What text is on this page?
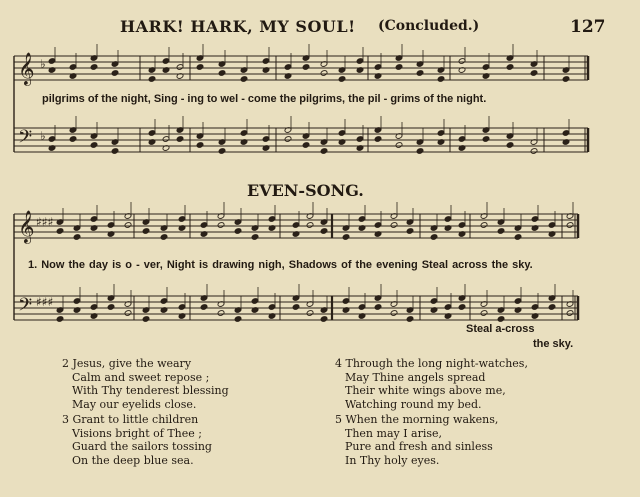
HARK! HARK, MY SOUL! (Concluded.)	127
𝄞
𝄢
♭
♭
𝄞
𝄢
♯♯♯
♯♯♯
pilgrims of the night, Sing - ing to wel - come the pilgrims, the pil - grims of the night.
EVEN-SONG.
1. Now the day is o - ver, Night is drawing nigh, Shadows of the evening Steal across the sky.
Steal a-cross
the sky.
2 Jesus, give the weary
Calm and sweet repose ;
With Thy tenderest blessing
May our eyelids close.
3 Grant to little children
Visions bright of Thee ;
Guard the sailors tossing
On the deep blue sea.
4 Through the long night-watches,
May Thine angels spread
Their white wings above me,
Watching round my bed.
5 When the morning wakens,
Then may I arise,
Pure and fresh and sinless
In Thy holy eyes.
